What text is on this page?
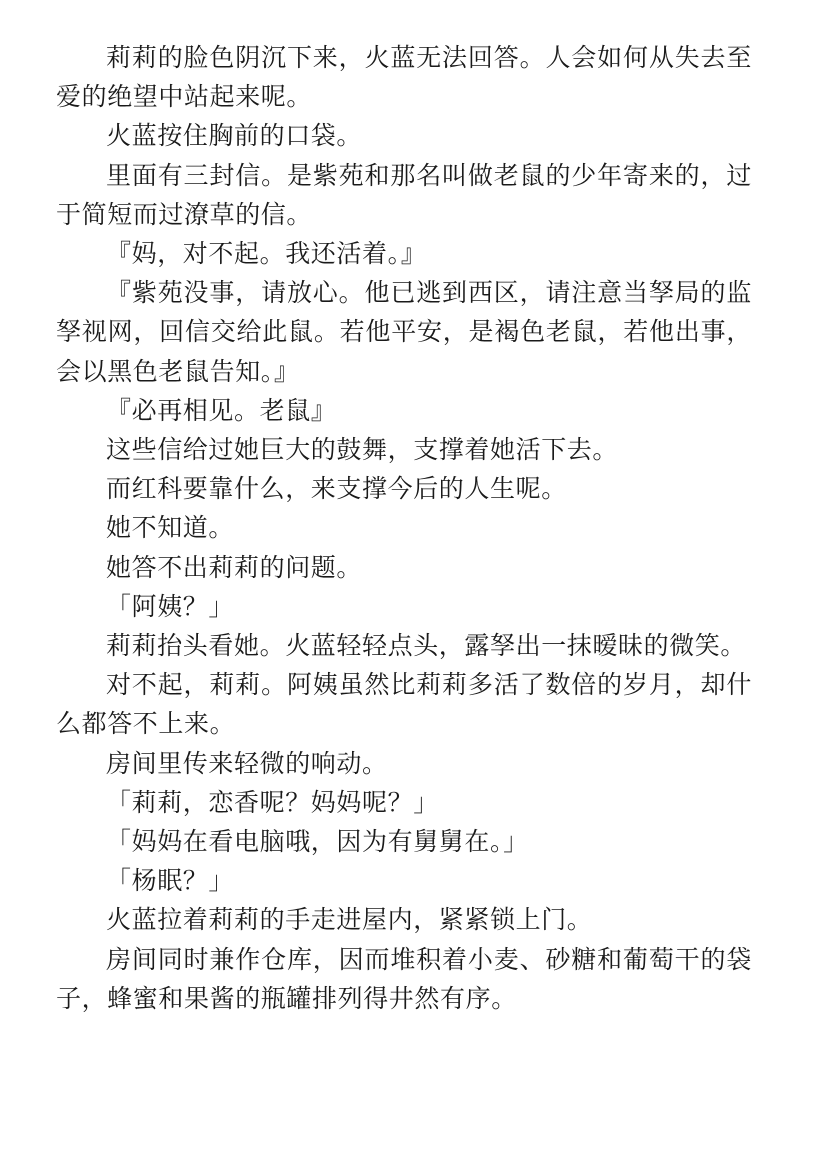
莉莉的脸色阴沉下来，火蓝无法回答。人会如何从失去至爱的绝望中站起来呢。

火蓝按住胸前的口袋。

里面有三封信。是紫苑和那名叫做老鼠的少年寄来的，过于简短而过潦草的信。

『妈，对不起。我还活着。』

『紫苑没事，请放心。他已逃到西区，请注意当孥局的监孥视网，回信交给此鼠。若他平安，是褐色老鼠，若他出事，会以黑色老鼠告知。』

『必再相见。老鼠』

这些信给过她巨大的鼓舞，支撑着她活下去。

而红科要靠什么，来支撑今后的人生呢。

她不知道。

她答不出莉莉的问题。

「阿姨？」

莉莉抬头看她。火蓝轻轻点头，露孥出一抹暧昧的微笑。

对不起，莉莉。阿姨虽然比莉莉多活了数倍的岁月，却什么都答不上来。

房间里传来轻微的响动。

「莉莉，恋香呢？妈妈呢？」

「妈妈在看电脑哦，因为有舅舅在。」

「杨眠？」

火蓝拉着莉莉的手走进屋内，紧紧锁上门。

房间同时兼作仓库，因而堆积着小麦、砂糖和葡萄干的袋子，蜂蜜和果酱的瓶罐排列得井然有序。
